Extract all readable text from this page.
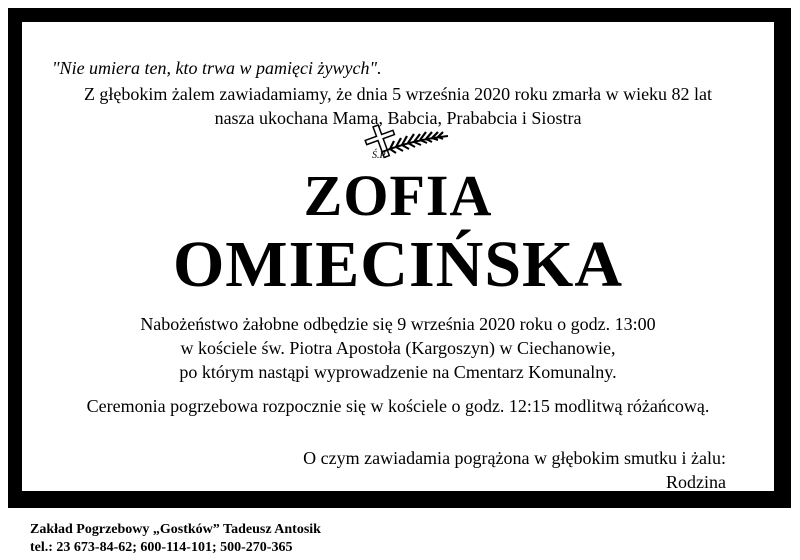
"Nie umiera ten, kto trwa w pamięci żywych".
Z głębokim żalem zawiadamiamy, że dnia 5 września 2020 roku zmarła w wieku 82 lat
nasza ukochana Mama, Babcia, Prababcia i Siostra
Ś.P.
ZOFIA
OMIECIŃSKA
Nabożeństwo żałobne odbędzie się 9 września 2020 roku o godz. 13:00
w kościele św. Piotra Apostoła (Kargoszyn) w Ciechanowie,
po którym nastąpi wyprowadzenie na Cmentarz Komunalny.
Ceremonia pogrzebowa rozpocznie się w kościele o godz. 12:15 modlitwą różańcową.
O czym zawiadamia pogrążona w głębokim smutku i żalu:
Rodzina
Zakład Pogrzebowy „Gostków” Tadeusz Antosik
tel.: 23 673-84-62; 600-114-101; 500-270-365
